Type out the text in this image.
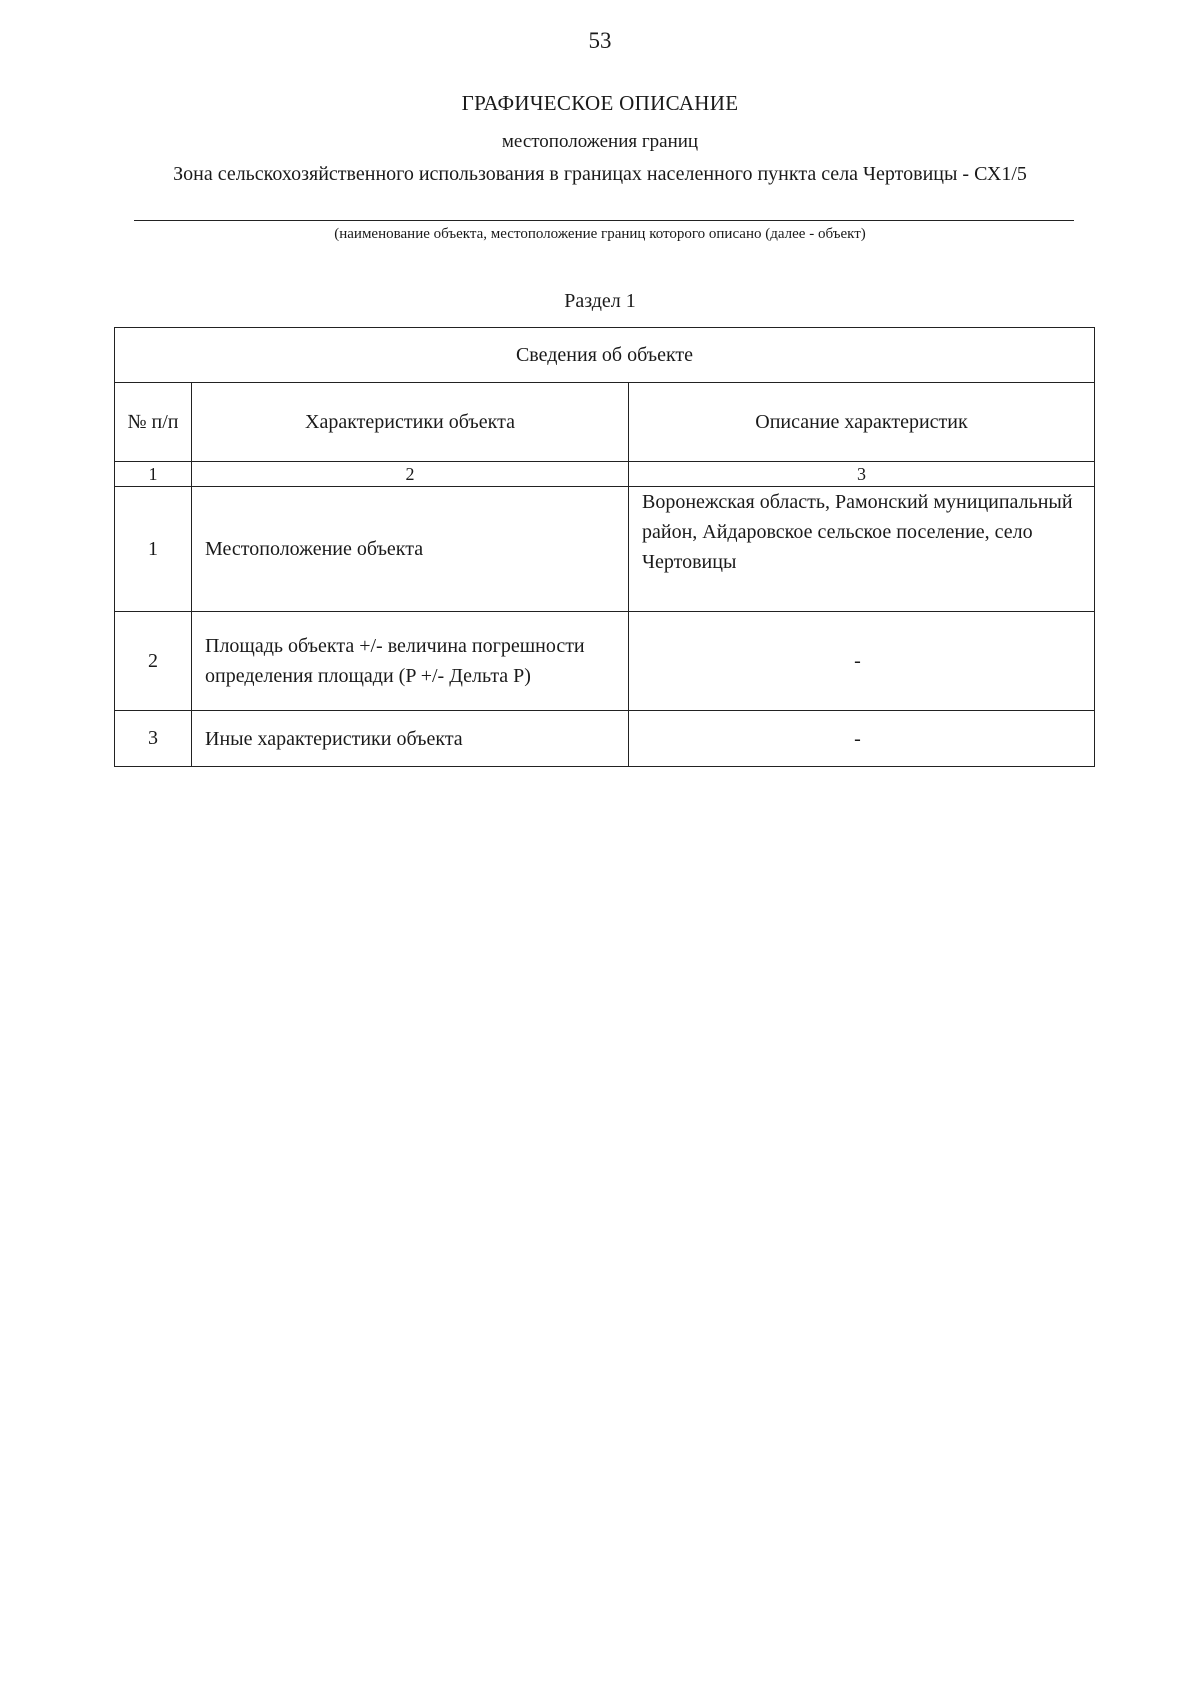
53
ГРАФИЧЕСКОЕ ОПИСАНИЕ
местоположения границ
Зона сельскохозяйственного использования в границах населенного пункта села Чертовицы - СХ1/5
(наименование объекта, местоположение границ которого описано (далее - объект)
Раздел 1
Сведения об объекте		
№ п/п	Характеристики объекта	Описание характеристик
1	2	3
1	Местоположение объекта	Воронежская область, Рамонский муниципальный район, Айдаровское сельское поселение, село Чертовицы
2	Площадь объекта +/- величина погрешности определения площади (P +/- Дельта P)	-
3	Иные характеристики объекта	-
